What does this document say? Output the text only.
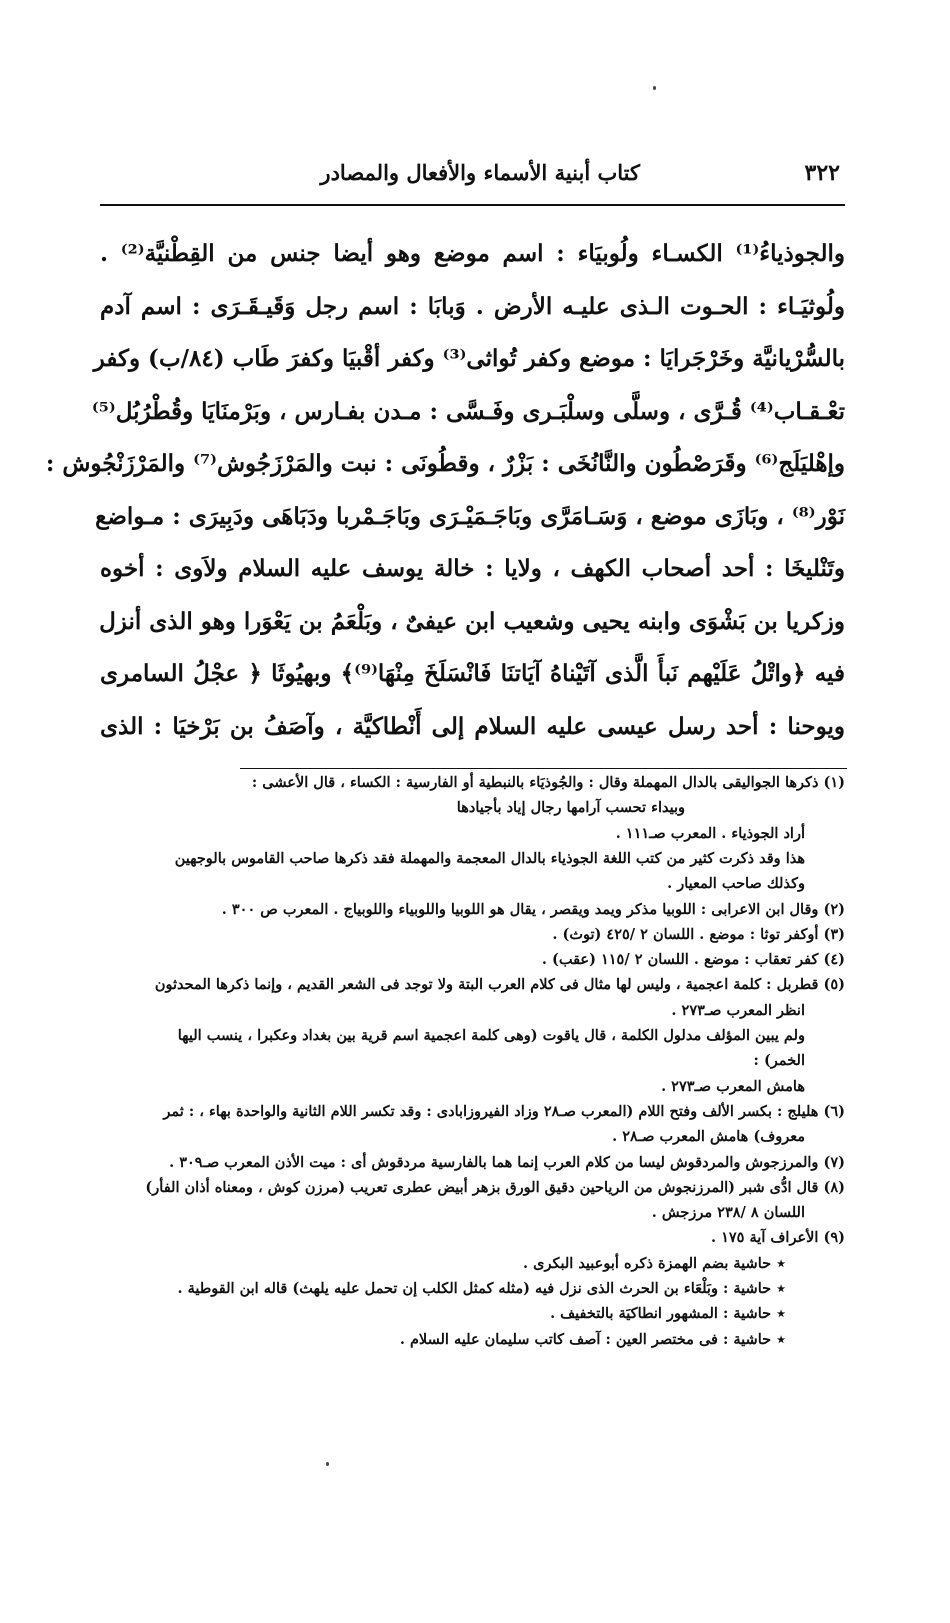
٣٢٢
كتاب أبنية الأسماء والأفعال والمصادر
والجوذياءُ⁽¹⁾ الكسـاء ولُوبيَاء : اسم موضع وهو أيضا جنس من القِطْنيَّة⁽²⁾ .
ولُوثيَـاء : الحـوت الـذى عليـه الأرض . وَبابَا : اسم رجل وَقَيـقَـرَى : اسم آدم
بالسُّرْيانيَّة وخَرْجَرايَا : موضع وكفر تُواثى⁽³⁾ وكفر أقْبيَا وكفرَ طَاب (٨٤/ب) وكفر
تعْـقـاب⁽⁴⁾ قُـرَّى ، وسلَّى وسلْبَـرى وفَـسَّى : مـدن بفـارس ، وبَرْمنَايَا وقُطْرُبُل⁽⁵⁾
وإهْليَلَج⁽⁶⁾ وقَرَصْطُون والنَّانُخَى : بَزْرٌ ، وقطُونَى : نبت والمَرْزَجُوش⁽⁷⁾ والمَرْزَنْجُوش :
نَوْر⁽⁸⁾ ، وبَازَى موضع ، وَسَـامَرَّى وبَاجَـمَيْـرَى وبَاجَـمْربا ودَبَاهَى ودَبِيرَى : مـواضع
وتَنْليخَا : أحد أصحاب الكهف ، ولايا : خالة يوسف عليه السلام ولاَوى : أخوه
وزكريا بن بَشْوَى وابنه يحيى وشعيب ابن عيفىٌ ، وبَلْعَمُ بن يَعْوَرا وهو الذى أنزل
فيه ﴿واتْلُ عَلَيْهم نَبأَ الَّذى آتَيْناهُ آيَاتنَا فَانْسَلَخَ مِنْهَا⁽⁹⁾﴾ وبهيُوثَا ﴿ عجْلُ السامرى
ويوحنا : أحد رسل عيسى عليه السلام إلى أَنْطاكيَّة ، وآصَفُ بن بَرْخيَا : الذى
(١) ذكرها الجواليقى بالدال المهملة وقال : والجُوذيَاء بالنبطية أو الفارسية : الكساء ، قال الأعشى :
وبيداء تحسب آرامها رجال إياد بأجيادها
أراد الجوذياء . المعرب صـ١١١ .
هذا وقد ذكرت كثير من كتب اللغة الجوذياء بالدال المعجمة والمهملة فقد ذكرها صاحب القاموس بالوجهين
وكذلك صاحب المعيار .
(٢) وقال ابن الاعرابى : اللوبيا مذكر ويمد ويقصر ، يقال هو اللوبيا واللوبياء واللوبياج . المعرب ص ٣٠٠ .
(٣) أوكفر توثا : موضع . اللسان ٢ /٤٢٥ (توث) .
(٤) كفر تعقاب : موضع . اللسان ٢ /١١٥ (عقب) .
(٥) قطربل : كلمة اعجمية ، وليس لها مثال فى كلام العرب البتة ولا توجد فى الشعر القديم ، وإنما ذكرها المحدثون
انظر المعرب صـ٢٧٣ .
ولم يبين المؤلف مدلول الكلمة ، قال ياقوت (وهى كلمة اعجمية اسم قرية بين بغداد وعكبرا ، ينسب اليها
الخمر) :
هامش المعرب صـ٢٧٣ .
(٦) هليلج : بكسر الألف وفتح اللام (المعرب صـ٢٨ وزاد الفيروزابادى : وقد تكسر اللام الثانية والواحدة بهاء ، : ثمر
معروف) هامش المعرب صـ٢٨ .
(٧) والمرزجوش والمردقوش ليسا من كلام العرب إنما هما بالفارسية مردقوش أى : ميت الأذن المعرب صـ٣٠٩ .
(٨) قال ادُّى شبر (المرزنجوش من الرياحين دقيق الورق بزهر أبيض عطرى تعريب (مرزن كوش ، ومعناه أذان الفأر)
اللسان ٨ /٢٣٨ مرزجش .
(٩) الأعراف آية ١٧٥ .
٭حاشية بضم الهمزة ذكره أبوعبيد البكرى .
٭حاشية : وبَلْعَاء بن الحرث الذى نزل فيه (مثله كمثل الكلب إن تحمل عليه يلهث) قاله ابن القوطية .
٭حاشية : المشهور انطاكيَة بالتخفيف .
٭حاشية : فى مختصر العين : آصف كاتب سليمان عليه السلام .
